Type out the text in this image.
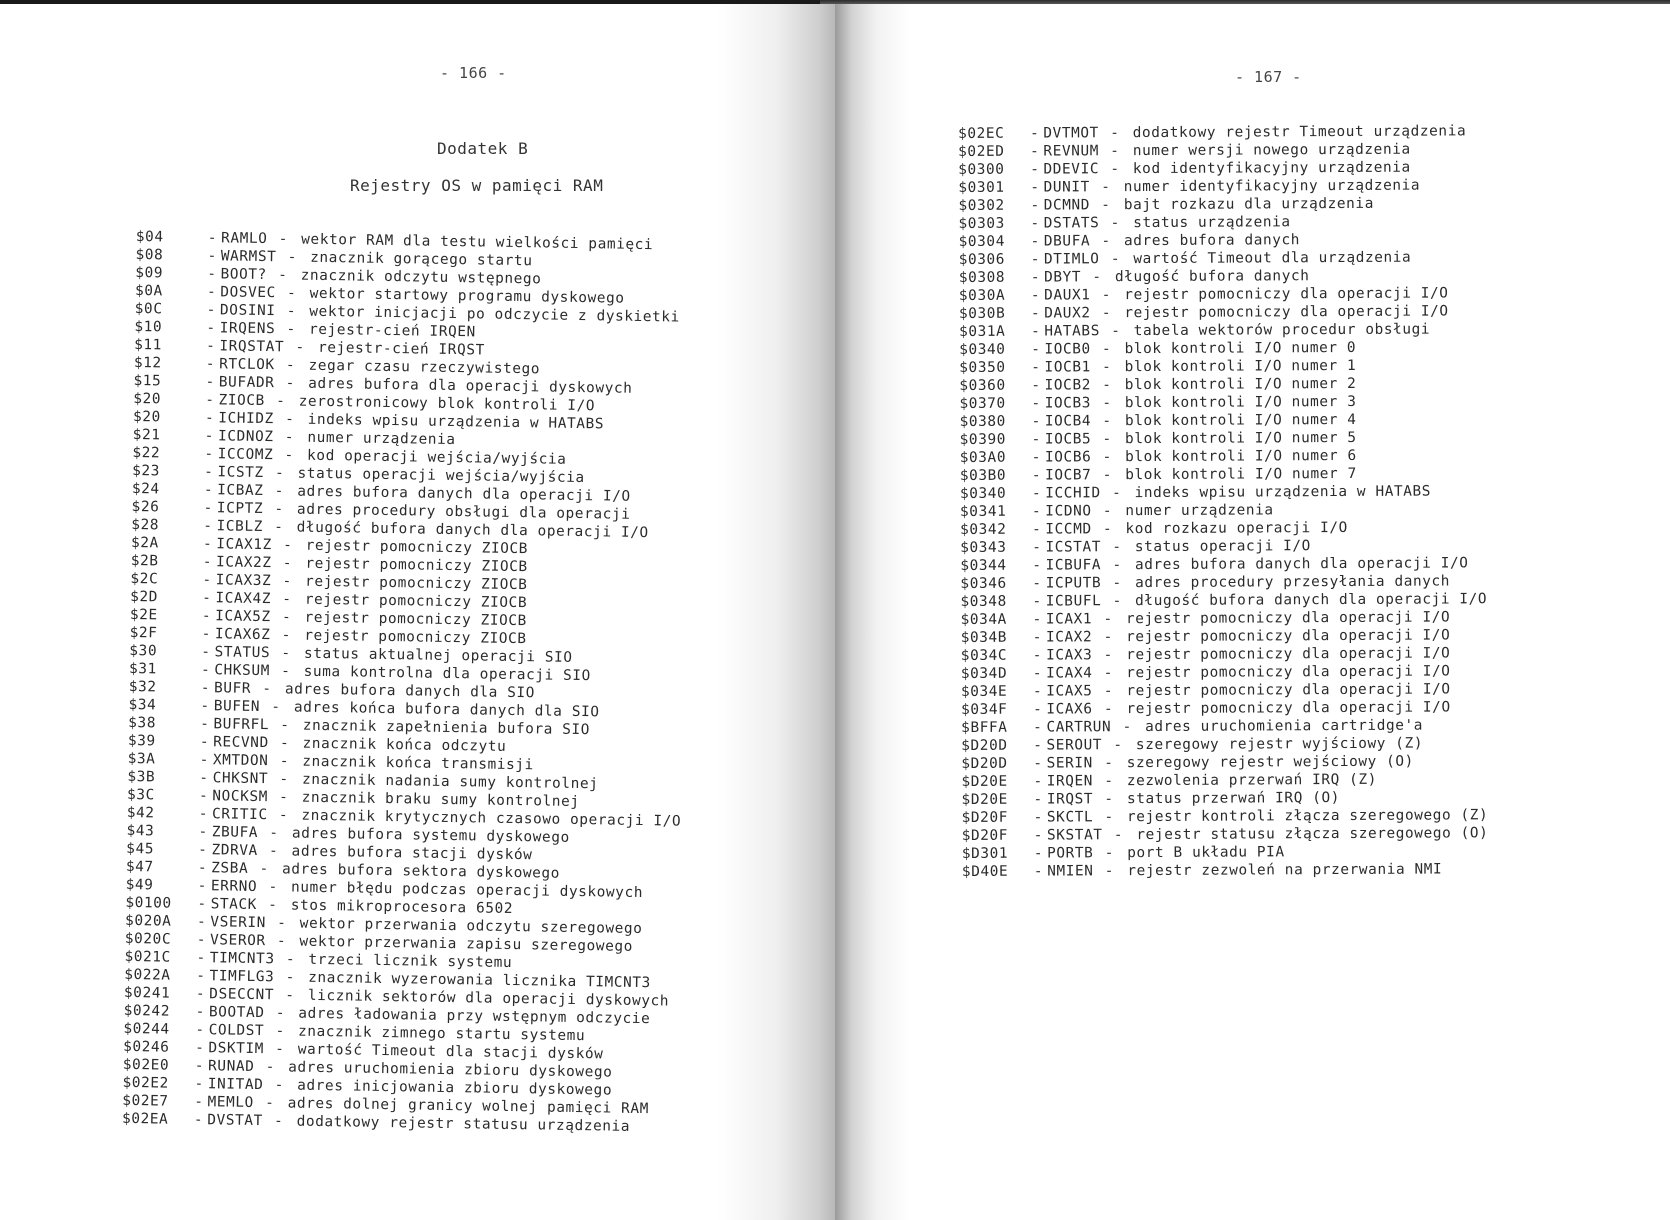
- 166 -
Dodatek B
Rejestry OS w pamięci RAM
$04	- RAMLO - wektor RAM dla testu wielkości pamięci
$08	- WARMST - znacznik gorącego startu
$09	- BOOT? - znacznik odczytu wstępnego
$0A	- DOSVEC - wektor startowy programu dyskowego
$0C	- DOSINI - wektor inicjacji po odczycie z dyskietki
$10	- IRQENS - rejestr-cień IRQEN
$11	- IRQSTAT - rejestr-cień IRQST
$12	- RTCLOK - zegar czasu rzeczywistego
$15	- BUFADR - adres bufora dla operacji dyskowych
$20	- ZIOCB - zerostronicowy blok kontroli I/O
$20	- ICHIDZ - indeks wpisu urządzenia w HATABS
$21	- ICDNOZ - numer urządzenia
$22	- ICCOMZ - kod operacji wejścia/wyjścia
$23	- ICSTZ - status operacji wejścia/wyjścia
$24	- ICBAZ - adres bufora danych dla operacji I/O
$26	- ICPTZ - adres procedury obsługi dla operacji
$28	- ICBLZ - długość bufora danych dla operacji I/O
$2A	- ICAX1Z - rejestr pomocniczy ZIOCB
$2B	- ICAX2Z - rejestr pomocniczy ZIOCB
$2C	- ICAX3Z - rejestr pomocniczy ZIOCB
$2D	- ICAX4Z - rejestr pomocniczy ZIOCB
$2E	- ICAX5Z - rejestr pomocniczy ZIOCB
$2F	- ICAX6Z - rejestr pomocniczy ZIOCB
$30	- STATUS - status aktualnej operacji SIO
$31	- CHKSUM - suma kontrolna dla operacji SIO
$32	- BUFR - adres bufora danych dla SIO
$34	- BUFEN - adres końca bufora danych dla SIO
$38	- BUFRFL - znacznik zapełnienia bufora SIO
$39	- RECVND - znacznik końca odczytu
$3A	- XMTDON - znacznik końca transmisji
$3B	- CHKSNT - znacznik nadania sumy kontrolnej
$3C	- NOCKSM - znacznik braku sumy kontrolnej
$42	- CRITIC - znacznik krytycznych czasowo operacji I/O
$43	- ZBUFA - adres bufora systemu dyskowego
$45	- ZDRVA - adres bufora stacji dysków
$47	- ZSBA - adres bufora sektora dyskowego
$49	- ERRNO - numer błędu podczas operacji dyskowych
$0100 - STACK - stos mikroprocesora 6502
$020A - VSERIN - wektor przerwania odczytu szeregowego
$020C - VSEROR - wektor przerwania zapisu szeregowego
$021C - TIMCNT3 - trzeci licznik systemu
$022A - TIMFLG3 - znacznik wyzerowania licznika TIMCNT3
$0241 - DSECCNT - licznik sektorów dla operacji dyskowych
$0242 - BOOTAD - adres ładowania przy wstępnym odczycie
$0244 - COLDST - znacznik zimnego startu systemu
$0246 - DSKTIM - wartość Timeout dla stacji dysków
$02E0 - RUNAD - adres uruchomienia zbioru dyskowego
$02E2 - INITAD - adres inicjowania zbioru dyskowego
$02E7 - MEMLO - adres dolnej granicy wolnej pamięci RAM
$02EA - DVSTAT - dodatkowy rejestr statusu urządzenia
- 167 -
$02EC - DVTMOT - dodatkowy rejestr Timeout urządzenia
$02ED - REVNUM - numer wersji nowego urządzenia
$0300 - DDEVIC - kod identyfikacyjny urządzenia
$0301 - DUNIT - numer identyfikacyjny urządzenia
$0302 - DCMND - bajt rozkazu dla urządzenia
$0303 - DSTATS - status urządzenia
$0304 - DBUFA - adres bufora danych
$0306 - DTIMLO - wartość Timeout dla urządzenia
$0308 - DBYT - długość bufora danych
$030A - DAUX1 - rejestr pomocniczy dla operacji I/O
$030B - DAUX2 - rejestr pomocniczy dla operacji I/O
$031A - HATABS - tabela wektorów procedur obsługi
$0340 - IOCB0 - blok kontroli I/O numer 0
$0350 - IOCB1 - blok kontroli I/O numer 1
$0360 - IOCB2 - blok kontroli I/O numer 2
$0370 - IOCB3 - blok kontroli I/O numer 3
$0380 - IOCB4 - blok kontroli I/O numer 4
$0390 - IOCB5 - blok kontroli I/O numer 5
$03A0 - IOCB6 - blok kontroli I/O numer 6
$03B0 - IOCB7 - blok kontroli I/O numer 7
$0340 - ICCHID - indeks wpisu urządzenia w HATABS
$0341 - ICDNO - numer urządzenia
$0342 - ICCMD - kod rozkazu operacji I/O
$0343 - ICSTAT - status operacji I/O
$0344 - ICBUFA - adres bufora danych dla operacji I/O
$0346 - ICPUTB - adres procedury przesyłania danych
$0348 - ICBUFL - długość bufora danych dla operacji I/O
$034A - ICAX1 - rejestr pomocniczy dla operacji I/O
$034B - ICAX2 - rejestr pomocniczy dla operacji I/O
$034C - ICAX3 - rejestr pomocniczy dla operacji I/O
$034D - ICAX4 - rejestr pomocniczy dla operacji I/O
$034E - ICAX5 - rejestr pomocniczy dla operacji I/O
$034F - ICAX6 - rejestr pomocniczy dla operacji I/O
$BFFA - CARTRUN - adres uruchomienia cartridge'a
$D20D - SEROUT - szeregowy rejestr wyjściowy (Z)
$D20D - SERIN - szeregowy rejestr wejściowy (O)
$D20E - IRQEN - zezwolenia przerwań IRQ (Z)
$D20E - IRQST - status przerwań IRQ (O)
$D20F - SKCTL - rejestr kontroli złącza szeregowego (Z)
$D20F - SKSTAT - rejestr statusu złącza szeregowego (O)
$D301 - PORTB - port B układu PIA
$D40E - NMIEN - rejestr zezwoleń na przerwania NMI
